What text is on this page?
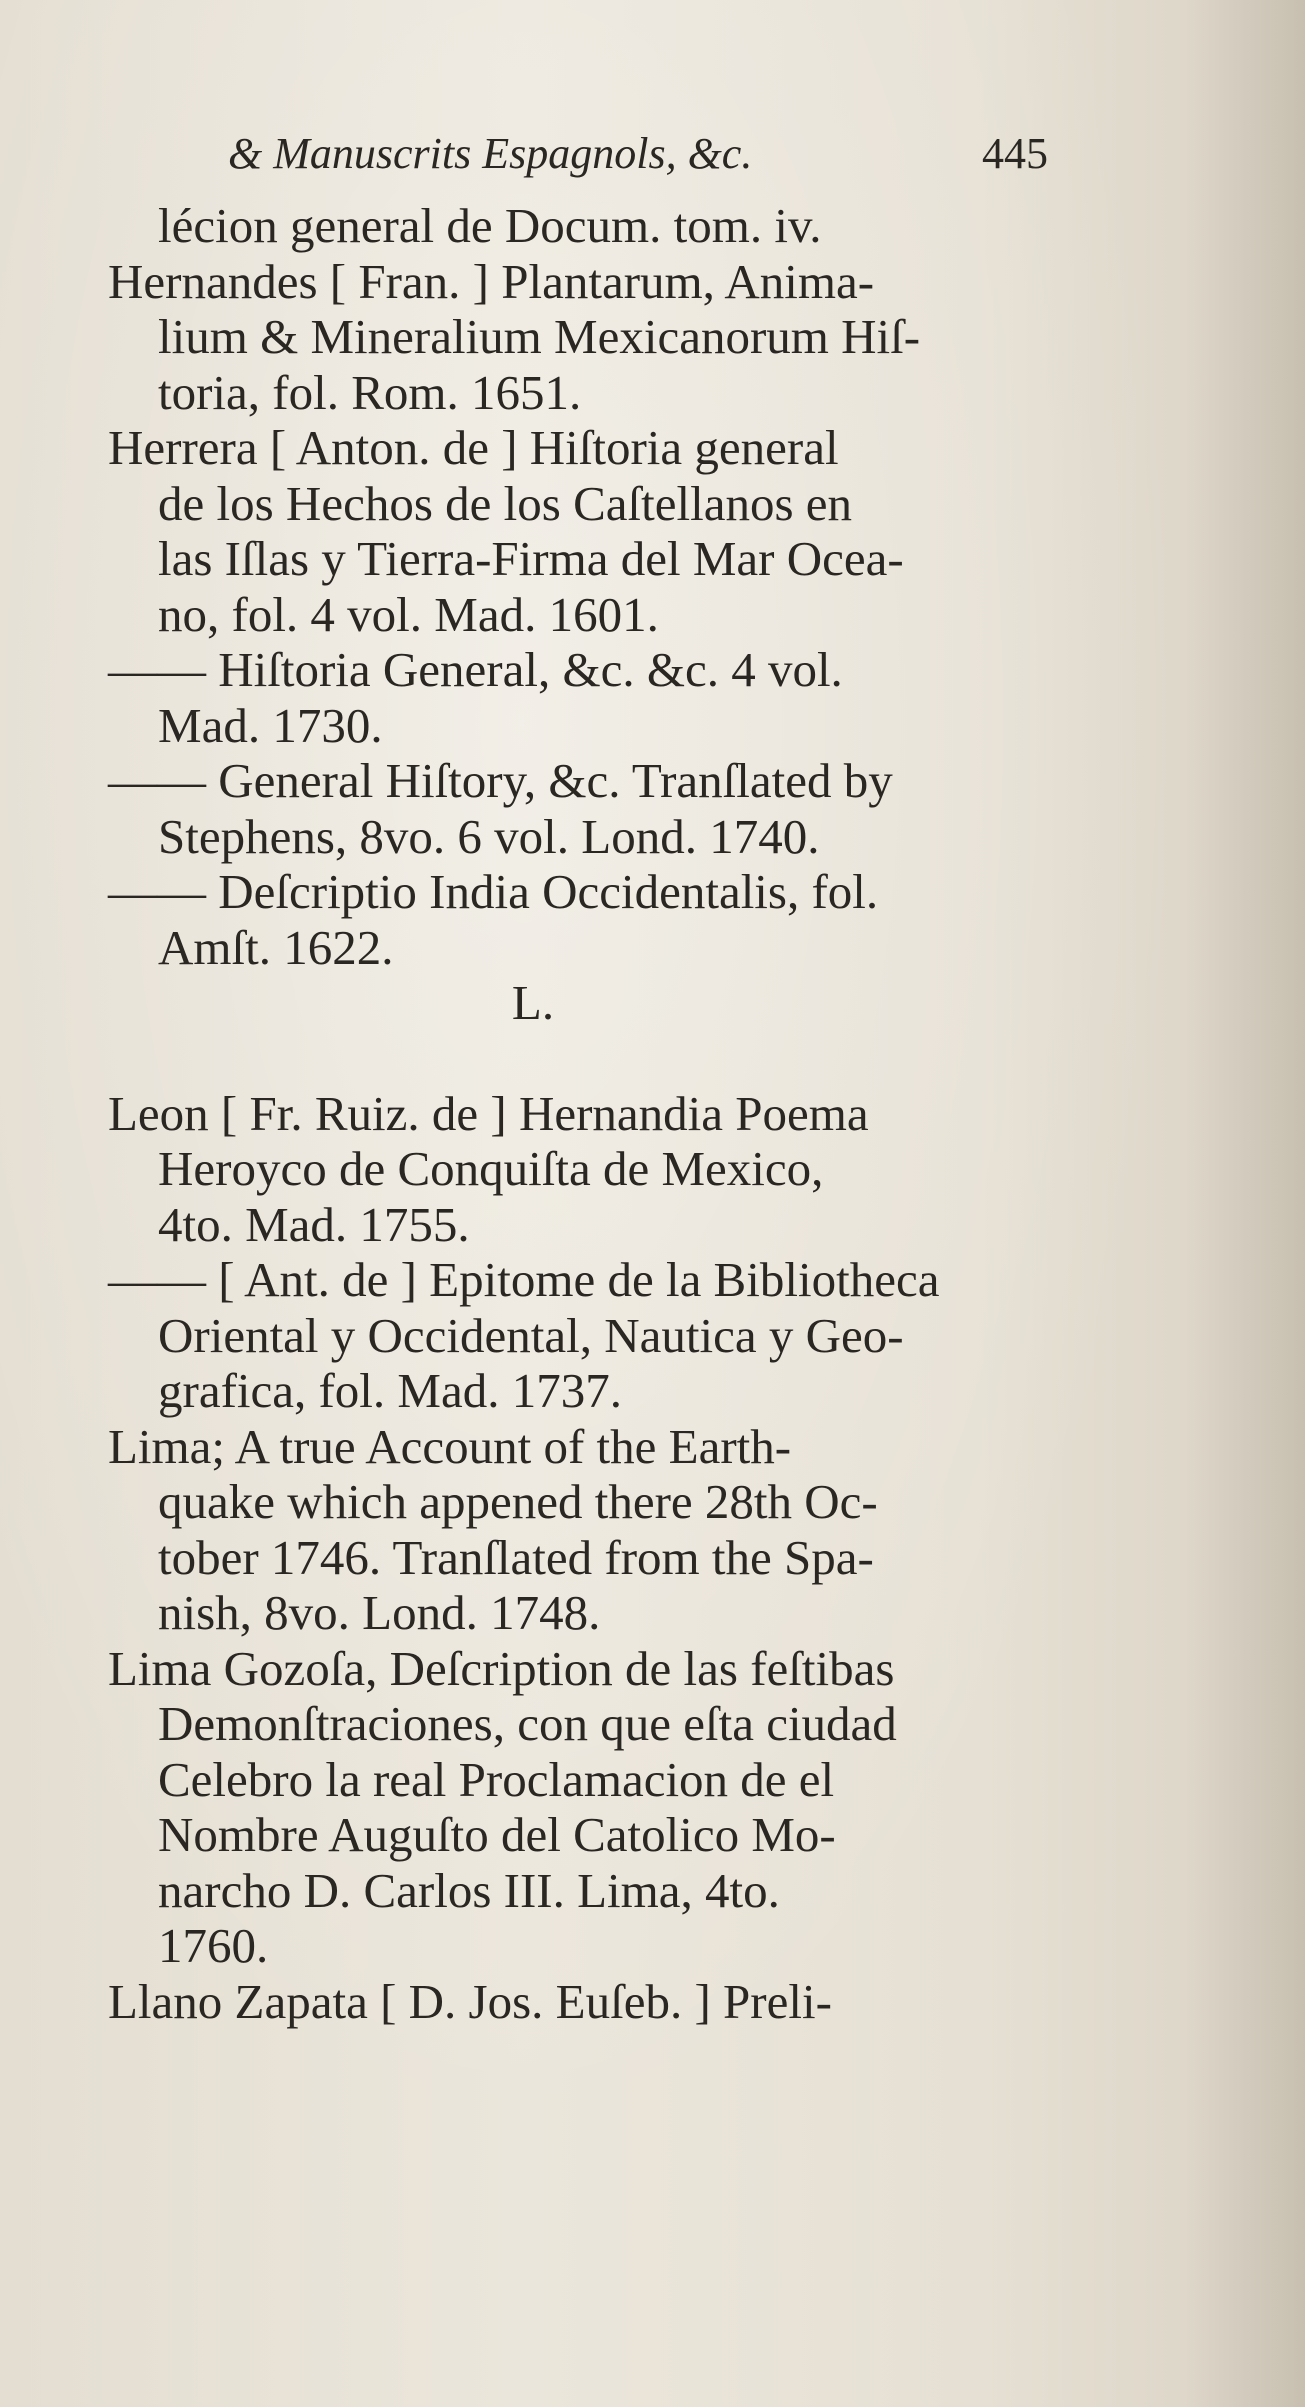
& Manuscrits Espagnols, &c.	445
lécion general de Docum. tom. iv.
Hernandes [ Fran. ] Plantarum, Anima-
lium & Mineralium Mexicanorum Hiſ-
toria, fol. Rom. 1651.
Herrera [ Anton. de ] Hiſtoria general
de los Hechos de los Caſtellanos en
las Iſlas y Tierra-Firma del Mar Ocea-
no, fol. 4 vol. Mad. 1601.
—— Hiſtoria General, &c. &c. 4 vol.
Mad. 1730.
—— General Hiſtory, &c. Tranſlated by
Stephens, 8vo. 6 vol. Lond. 1740.
—— Deſcriptio India Occidentalis, fol.
Amſt. 1622.
L.
Leon [ Fr. Ruiz. de ] Hernandia Poema
Heroyco de Conquiſta de Mexico,
4to. Mad. 1755.
—— [ Ant. de ] Epitome de la Bibliotheca
Oriental y Occidental, Nautica y Geo-
grafica, fol. Mad. 1737.
Lima; A true Account of the Earth-
quake which appened there 28th Oc-
tober 1746. Tranſlated from the Spa-
nish, 8vo. Lond. 1748.
Lima Gozoſa, Deſcription de las feſtibas
Demonſtraciones, con que eſta ciudad
Celebro la real Proclamacion de el
Nombre Auguſto del Catolico Mo-
narcho D. Carlos III. Lima, 4to.
1760.
Llano Zapata [ D. Jos. Euſeb. ] Preli-
